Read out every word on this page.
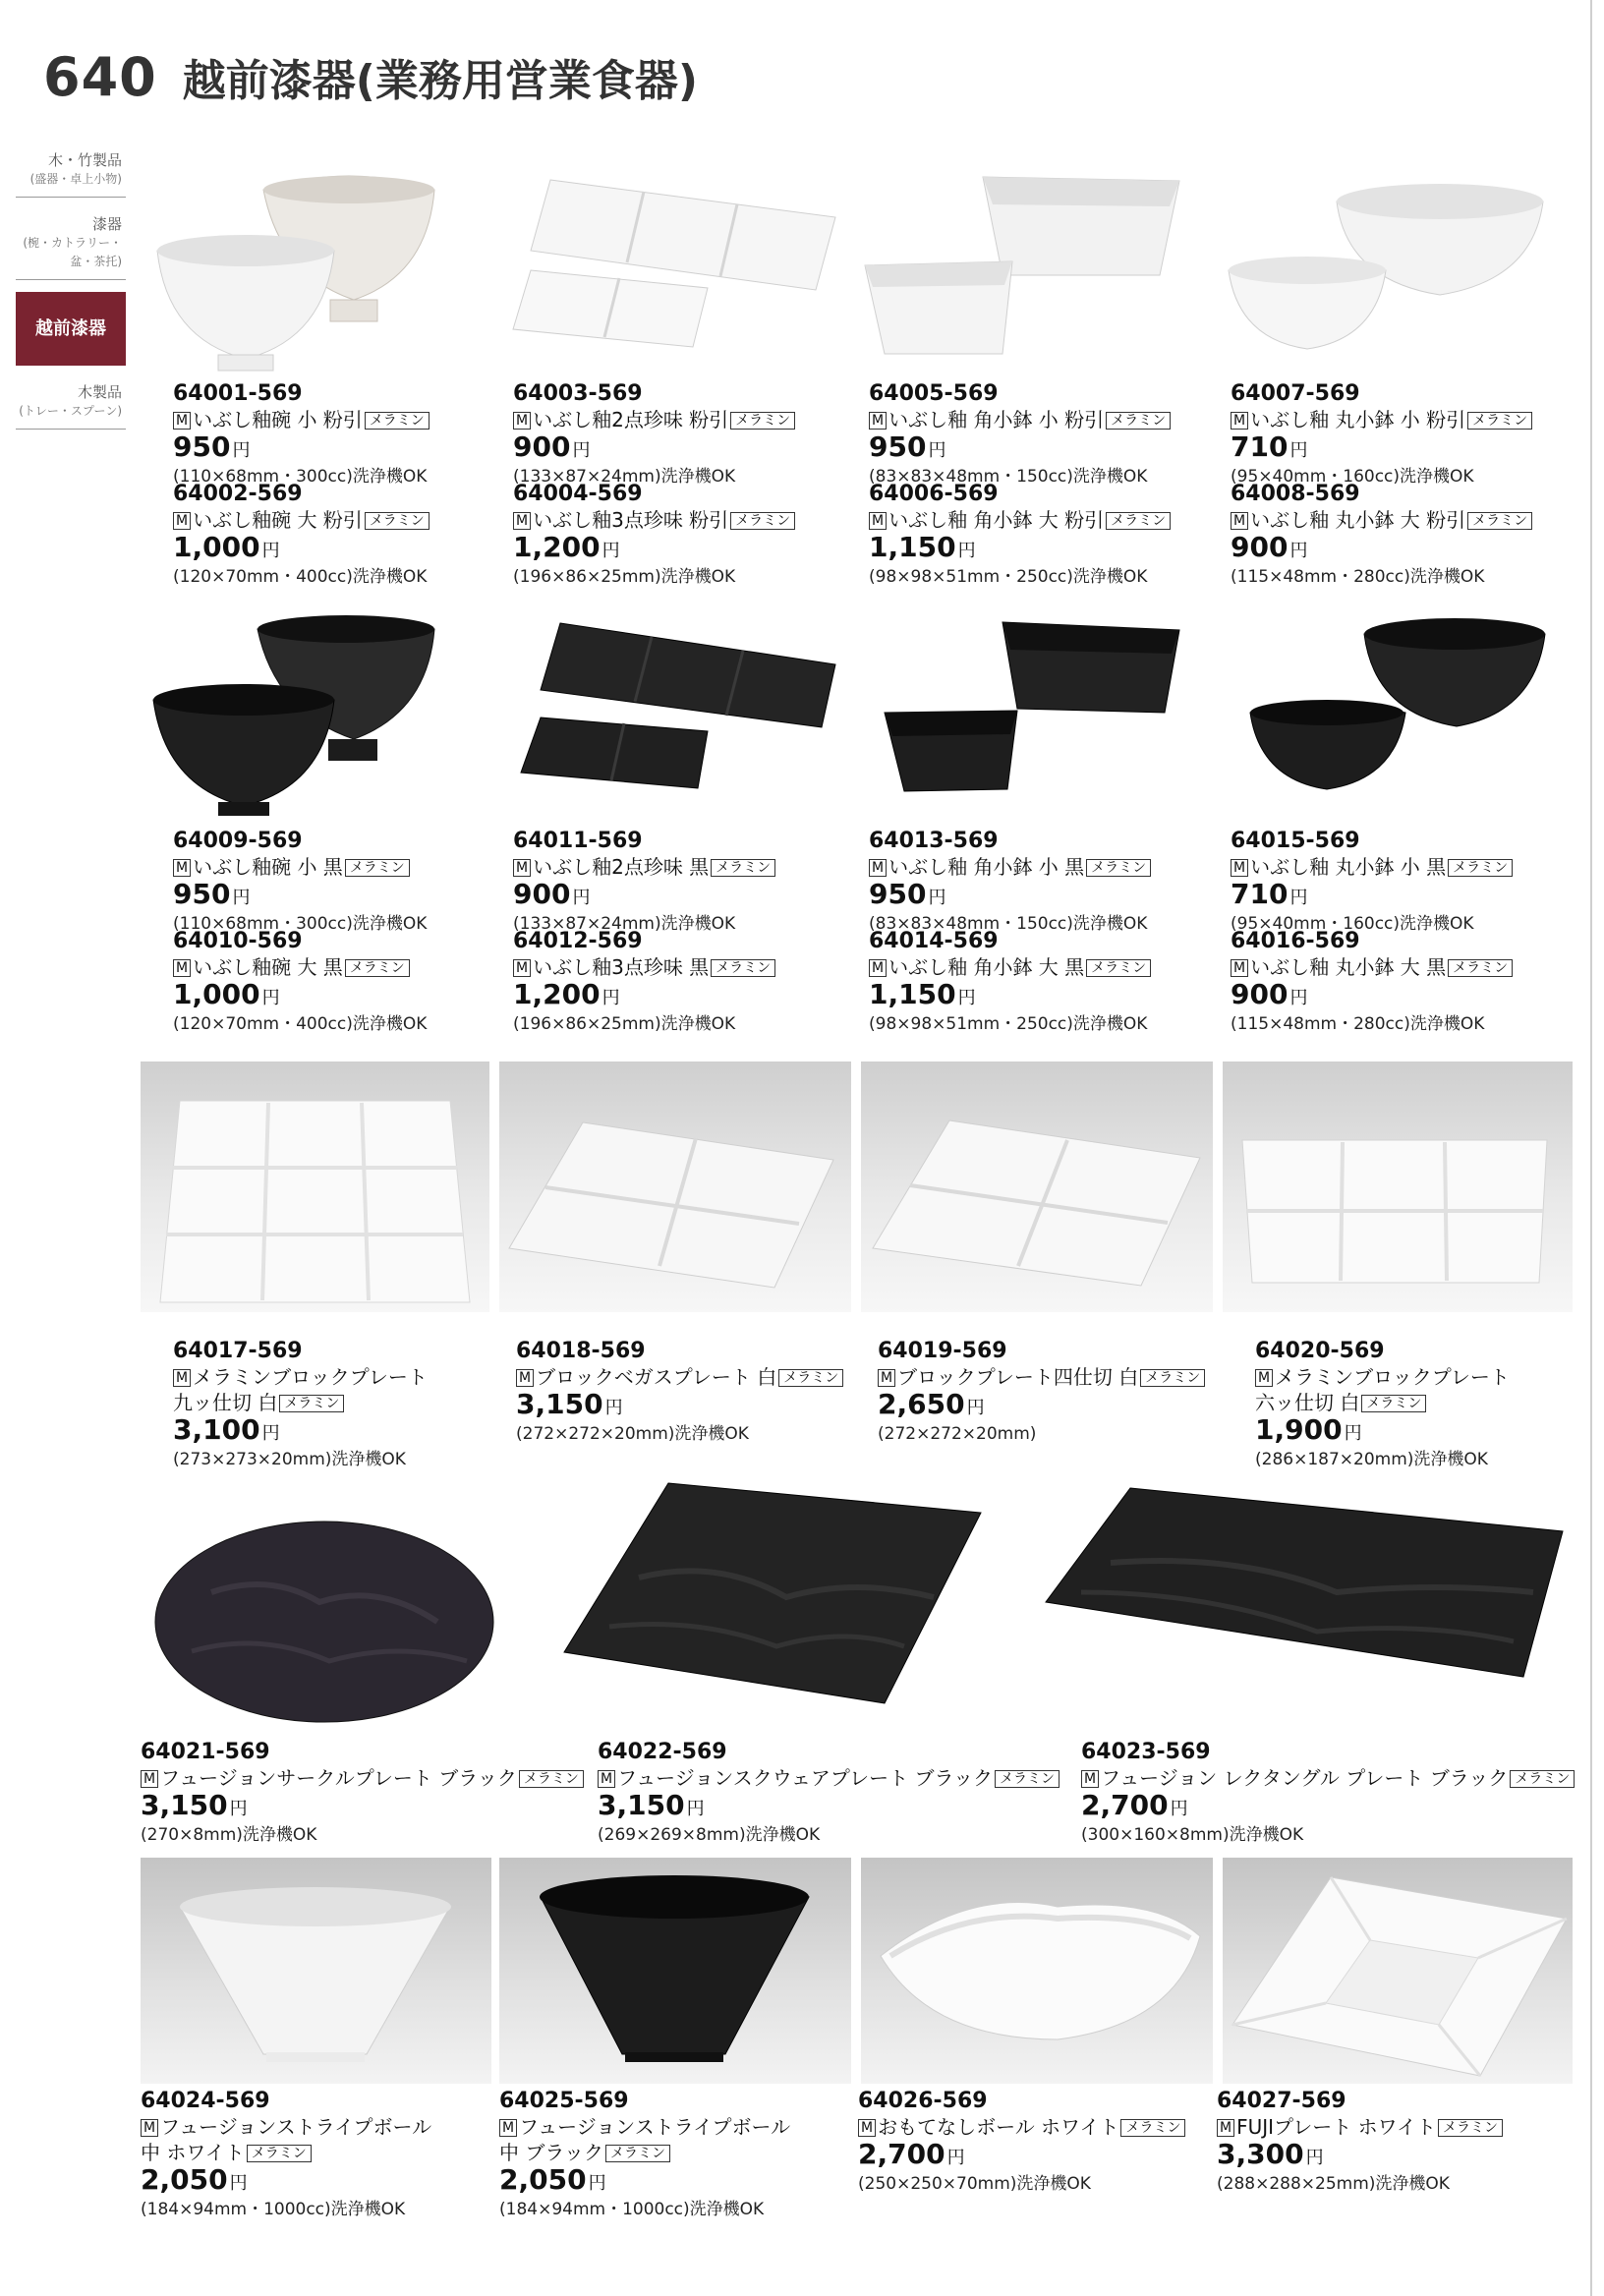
640 越前漆器(業務用営業食器)
木・竹製品
(盛器・卓上小物)
漆器
(椀・カトラリー・盆・茶托)
越前漆器
木製品
(トレー・スプーン)
64001-569
M いぶし釉碗 小 粉引 メラミン
950 円
(110×68mm・300cc)洗浄機OK
64002-569
M いぶし釉碗 大 粉引 メラミン
1,000 円
(120×70mm・400cc)洗浄機OK
64003-569
M いぶし釉2点珍味 粉引 メラミン
900 円
(133×87×24mm)洗浄機OK
64004-569
M いぶし釉3点珍味 粉引 メラミン
1,200 円
(196×86×25mm)洗浄機OK
64005-569
M いぶし釉 角小鉢 小 粉引 メラミン
950 円
(83×83×48mm・150cc)洗浄機OK
64006-569
M いぶし釉 角小鉢 大 粉引 メラミン
1,150 円
(98×98×51mm・250cc)洗浄機OK
64007-569
M いぶし釉 丸小鉢 小 粉引 メラミン
710 円
(95×40mm・160cc)洗浄機OK
64008-569
M いぶし釉 丸小鉢 大 粉引 メラミン
900 円
(115×48mm・280cc)洗浄機OK
64009-569
M いぶし釉碗 小 黒 メラミン
950 円
(110×68mm・300cc)洗浄機OK
64010-569
M いぶし釉碗 大 黒 メラミン
1,000 円
(120×70mm・400cc)洗浄機OK
64011-569
M いぶし釉2点珍味 黒 メラミン
900 円
(133×87×24mm)洗浄機OK
64012-569
M いぶし釉3点珍味 黒 メラミン
1,200 円
(196×86×25mm)洗浄機OK
64013-569
M いぶし釉 角小鉢 小 黒 メラミン
950 円
(83×83×48mm・150cc)洗浄機OK
64014-569
M いぶし釉 角小鉢 大 黒 メラミン
1,150 円
(98×98×51mm・250cc)洗浄機OK
64015-569
M いぶし釉 丸小鉢 小 黒 メラミン
710 円
(95×40mm・160cc)洗浄機OK
64016-569
M いぶし釉 丸小鉢 大 黒 メラミン
900 円
(115×48mm・280cc)洗浄機OK
64017-569
M メラミンブロックプレート
九ッ仕切 白 メラミン
3,100 円
(273×273×20mm)洗浄機OK
64018-569
M ブロックベガスプレート 白 メラミン
3,150 円
(272×272×20mm)洗浄機OK
64019-569
M ブロックプレート四仕切 白 メラミン
2,650 円
(272×272×20mm)
64020-569
M メラミンブロックプレート
六ッ仕切 白 メラミン
1,900 円
(286×187×20mm)洗浄機OK
64021-569
M フュージョンサークルプレート ブラック メラミン
3,150 円
(270×8mm)洗浄機OK
64022-569
M フュージョンスクウェアプレート ブラック メラミン
3,150 円
(269×269×8mm)洗浄機OK
64023-569
M フュージョン レクタングル プレート ブラック メラミン
2,700 円
(300×160×8mm)洗浄機OK
64024-569
M フュージョンストライプボール
中 ホワイト メラミン
2,050 円
(184×94mm・1000cc)洗浄機OK
64025-569
M フュージョンストライプボール
中 ブラック メラミン
2,050 円
(184×94mm・1000cc)洗浄機OK
64026-569
M おもてなしボール ホワイト メラミン
2,700 円
(250×250×70mm)洗浄機OK
64027-569
M FUJIプレート ホワイト メラミン
3,300 円
(288×288×25mm)洗浄機OK
